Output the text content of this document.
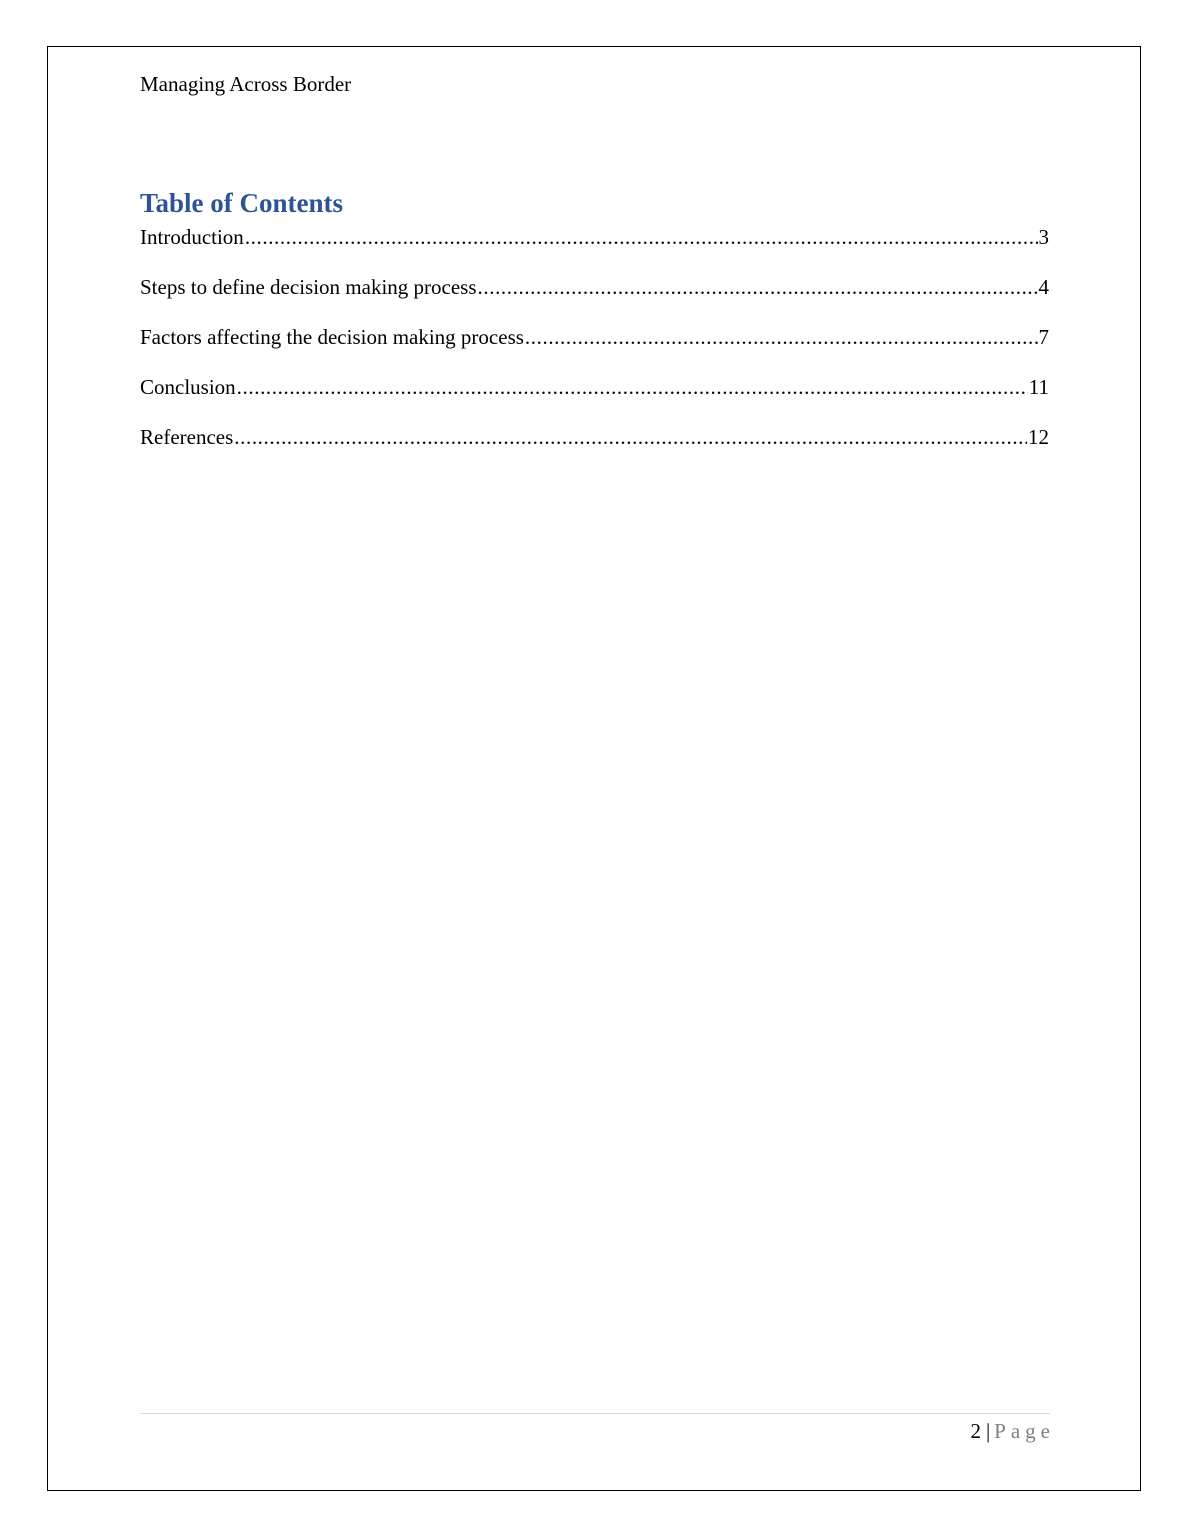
Managing Across Border
Table of Contents
Introduction .....	3
Steps to define decision making process .....	4
Factors affecting the decision making process .....	7
Conclusion .....	11
References .....	12
2 | Page
